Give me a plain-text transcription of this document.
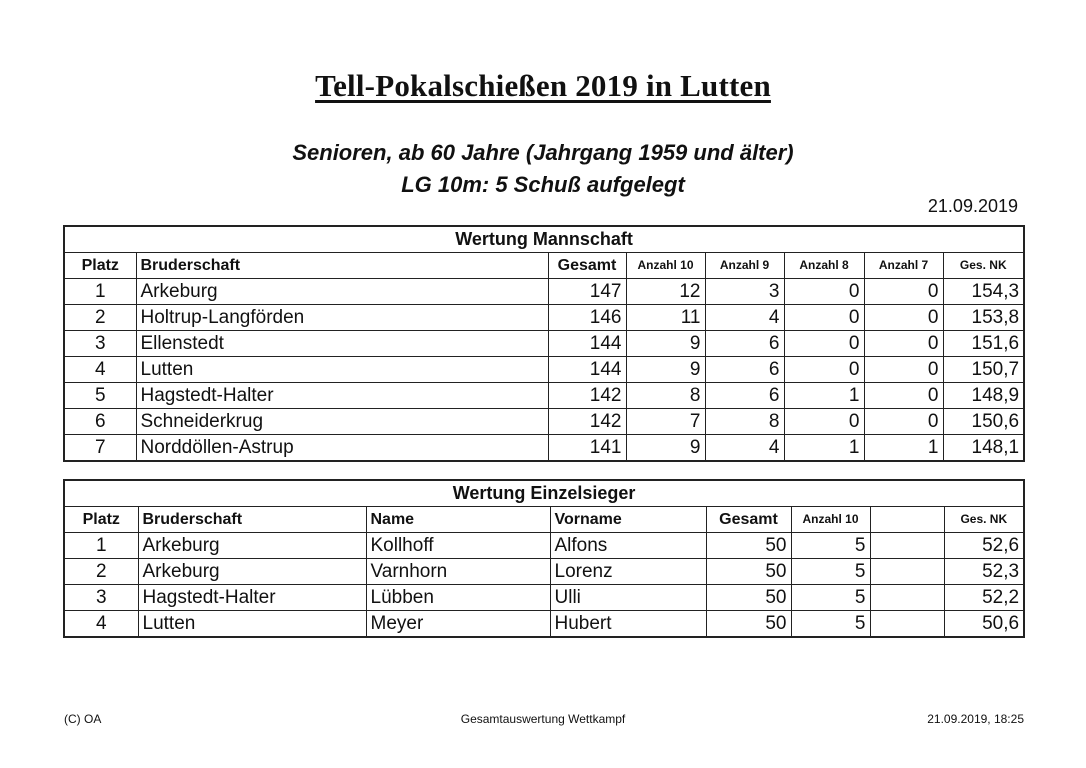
Tell-Pokalschießen 2019 in Lutten
Senioren, ab 60 Jahre (Jahrgang 1959 und älter)
LG 10m: 5 Schuß aufgelegt
21.09.2019
Wertung Mannschaft							
Platz	Bruderschaft	Gesamt	Anzahl 10	Anzahl 9	Anzahl 8	Anzahl 7	Ges. NK
1	Arkeburg	147	12	3	0	0	154,3
2	Holtrup-Langförden	146	11	4	0	0	153,8
3	Ellenstedt	144	9	6	0	0	151,6
4	Lutten	144	9	6	0	0	150,7
5	Hagstedt-Halter	142	8	6	1	0	148,9
6	Schneiderkrug	142	7	8	0	0	150,6
7	Norddöllen-Astrup	141	9	4	1	1	148,1
Wertung Einzelsieger							
Platz	Bruderschaft	Name	Vorname	Gesamt	Anzahl 10		Ges. NK
1	Arkeburg	Kollhoff	Alfons	50	5		52,6
2	Arkeburg	Varnhorn	Lorenz	50	5		52,3
3	Hagstedt-Halter	Lübben	Ulli	50	5		52,2
4	Lutten	Meyer	Hubert	50	5		50,6
(C) OA	Gesamtauswertung Wettkampf	21.09.2019, 18:25
